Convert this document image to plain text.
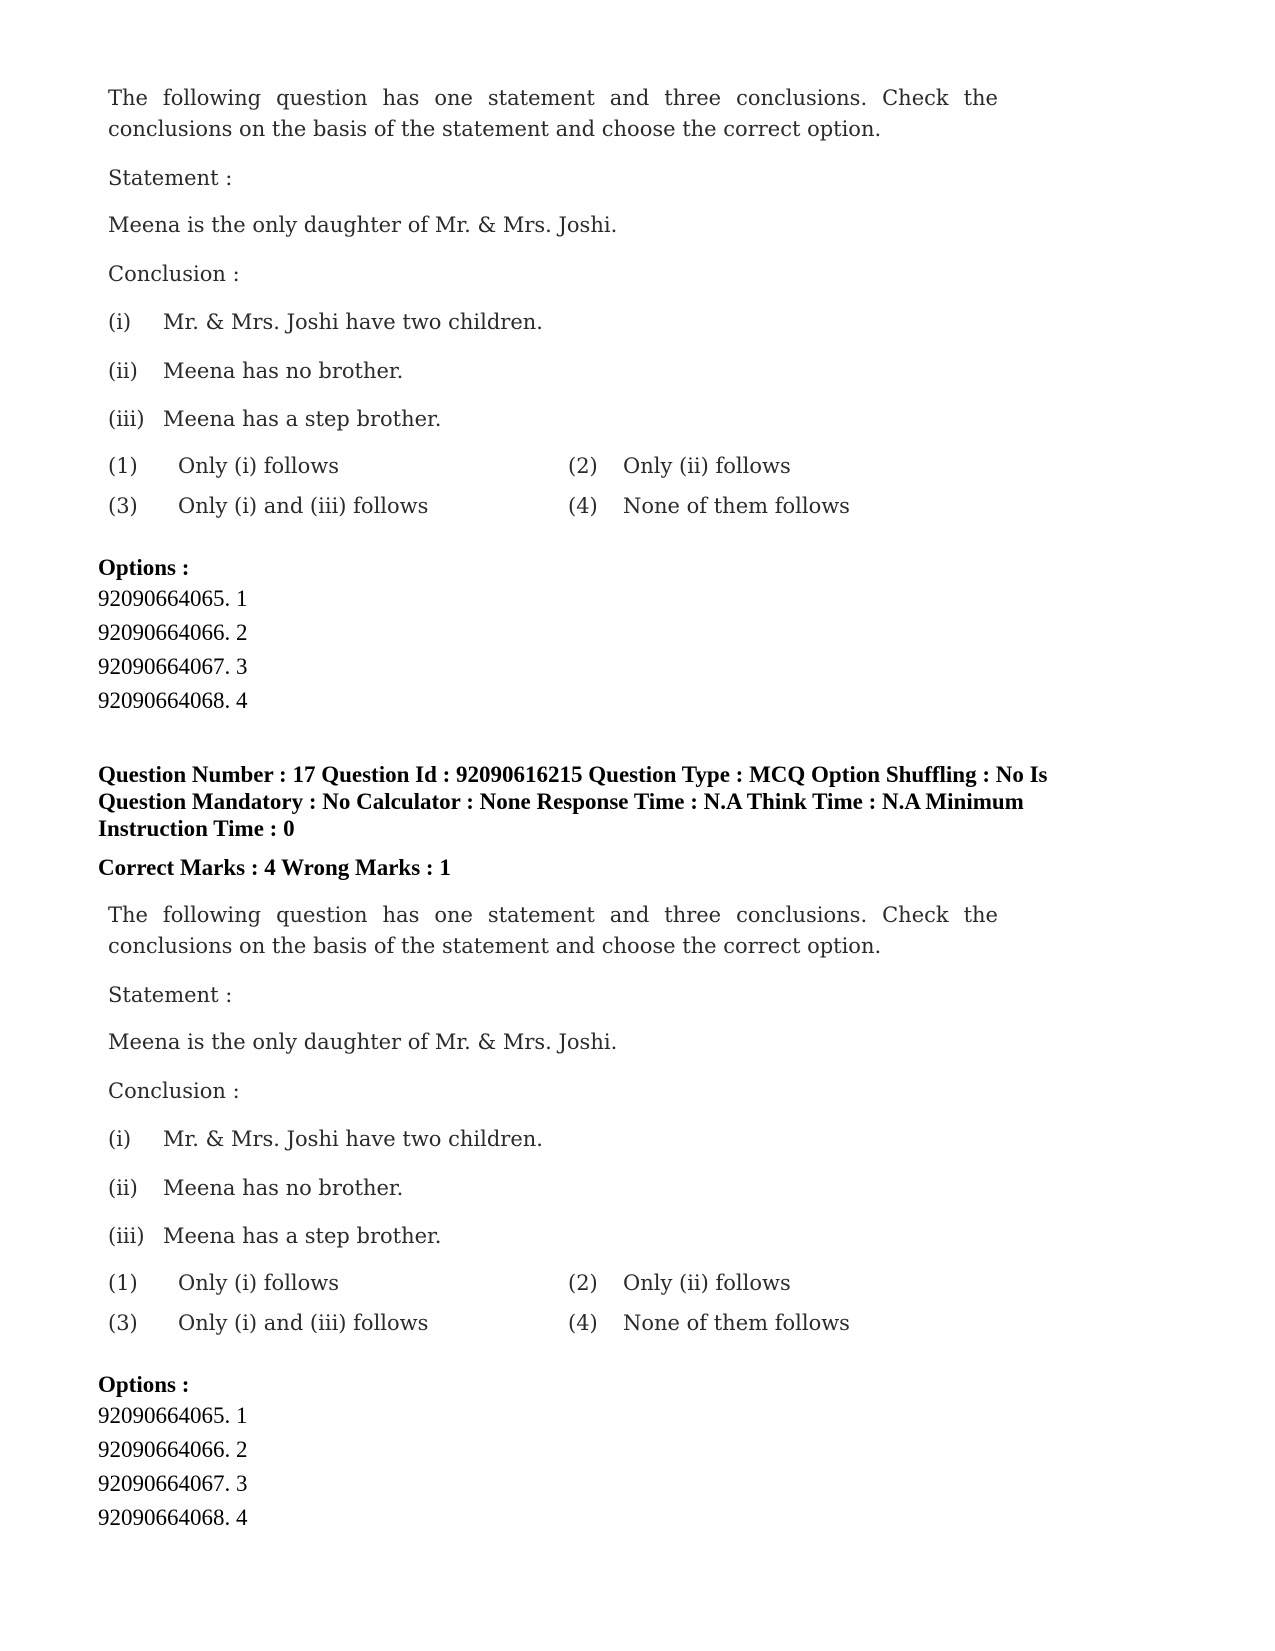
The following question has one statement and three conclusions. Check the conclusions on the basis of the statement and choose the correct option.

Statement :
Meena is the only daughter of Mr. & Mrs. Joshi.
Conclusion :
(i) Mr. & Mrs. Joshi have two children.
(ii) Meena has no brother.
(iii) Meena has a step brother.
(1) Only (i) follows	(2) Only (ii) follows
(3) Only (i) and (iii) follows	(4) None of them follows
Options :
92090664065. 1
92090664066. 2
92090664067. 3
92090664068. 4
Question Number : 17 Question Id : 92090616215 Question Type : MCQ Option Shuffling : No Is
Question Mandatory : No Calculator : None Response Time : N.A Think Time : N.A Minimum
Instruction Time : 0
Correct Marks : 4 Wrong Marks : 1

The following question has one statement and three conclusions. Check the conclusions on the basis of the statement and choose the correct option.

Statement :
Meena is the only daughter of Mr. & Mrs. Joshi.
Conclusion :
(i) Mr. & Mrs. Joshi have two children.
(ii) Meena has no brother.
(iii) Meena has a step brother.
(1) Only (i) follows	(2) Only (ii) follows
(3) Only (i) and (iii) follows	(4) None of them follows
Options :
92090664065. 1
92090664066. 2
92090664067. 3
92090664068. 4
